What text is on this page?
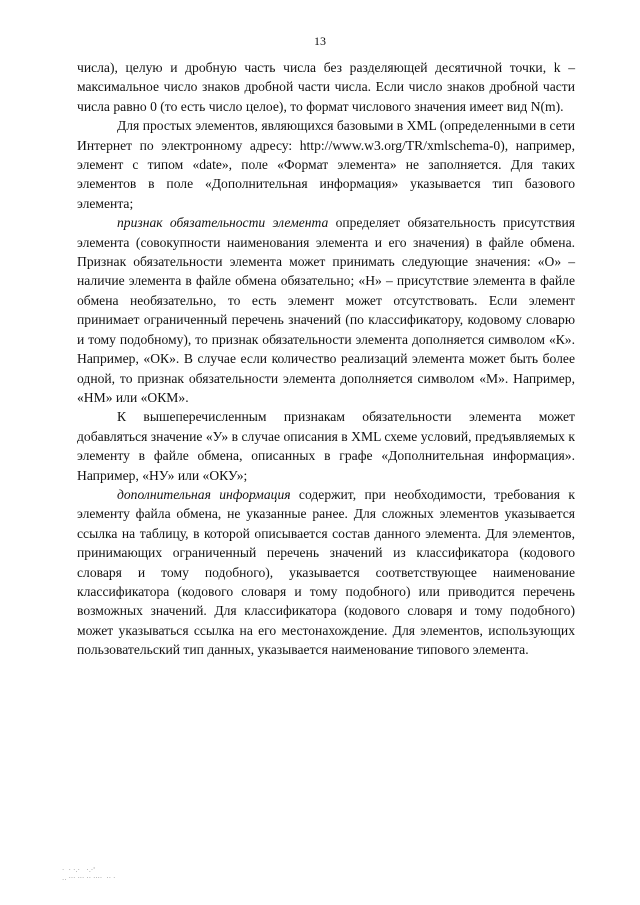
13

числа), целую и дробную часть числа без разделяющей десятичной точки, k – максимальное число знаков дробной части числа. Если число знаков дробной части числа равно 0 (то есть число целое), то формат числового значения имеет вид N(m).

Для простых элементов, являющихся базовыми в XML (определенными в сети Интернет по электронному адресу: http://www.w3.org/TR/xmlschema-0), например, элемент с типом «date», поле «Формат элемента» не заполняется. Для таких элементов в поле «Дополнительная информация» указывается тип базового элемента;

признак обязательности элемента определяет обязательность присутствия элемента (совокупности наименования элемента и его значения) в файле обмена. Признак обязательности элемента может принимать следующие значения: «О» – наличие элемента в файле обмена обязательно; «Н» – присутствие элемента в файле обмена необязательно, то есть элемент может отсутствовать. Если элемент принимает ограниченный перечень значений (по классификатору, кодовому словарю и тому подобному), то признак обязательности элемента дополняется символом «К». Например, «ОК». В случае если количество реализаций элемента может быть более одной, то признак обязательности элемента дополняется символом «М». Например, «НМ» или «ОКМ».

К вышеперечисленным признакам обязательности элемента может добавляться значение «У» в случае описания в XML схеме условий, предъявляемых к элементу в файле обмена, описанных в графе «Дополнительная информация». Например, «НУ» или «ОКУ»;

дополнительная информация содержит, при необходимости, требования к элементу файла обмена, не указанные ранее. Для сложных элементов указывается ссылка на таблицу, в которой описывается состав данного элемента. Для элементов, принимающих ограниченный перечень значений из классификатора (кодового словаря и тому подобного), указывается соответствующее наименование классификатора (кодового словаря и тому подобного) или приводится перечень возможных значений. Для классификатора (кодового словаря и тому подобного) может указываться ссылка на его местонахождение. Для элементов, использующих пользовательский тип данных, указывается наименование типового элемента.

·  · ·.·   ·.·'
.. ··· ··· ·· ····  ·· ·
